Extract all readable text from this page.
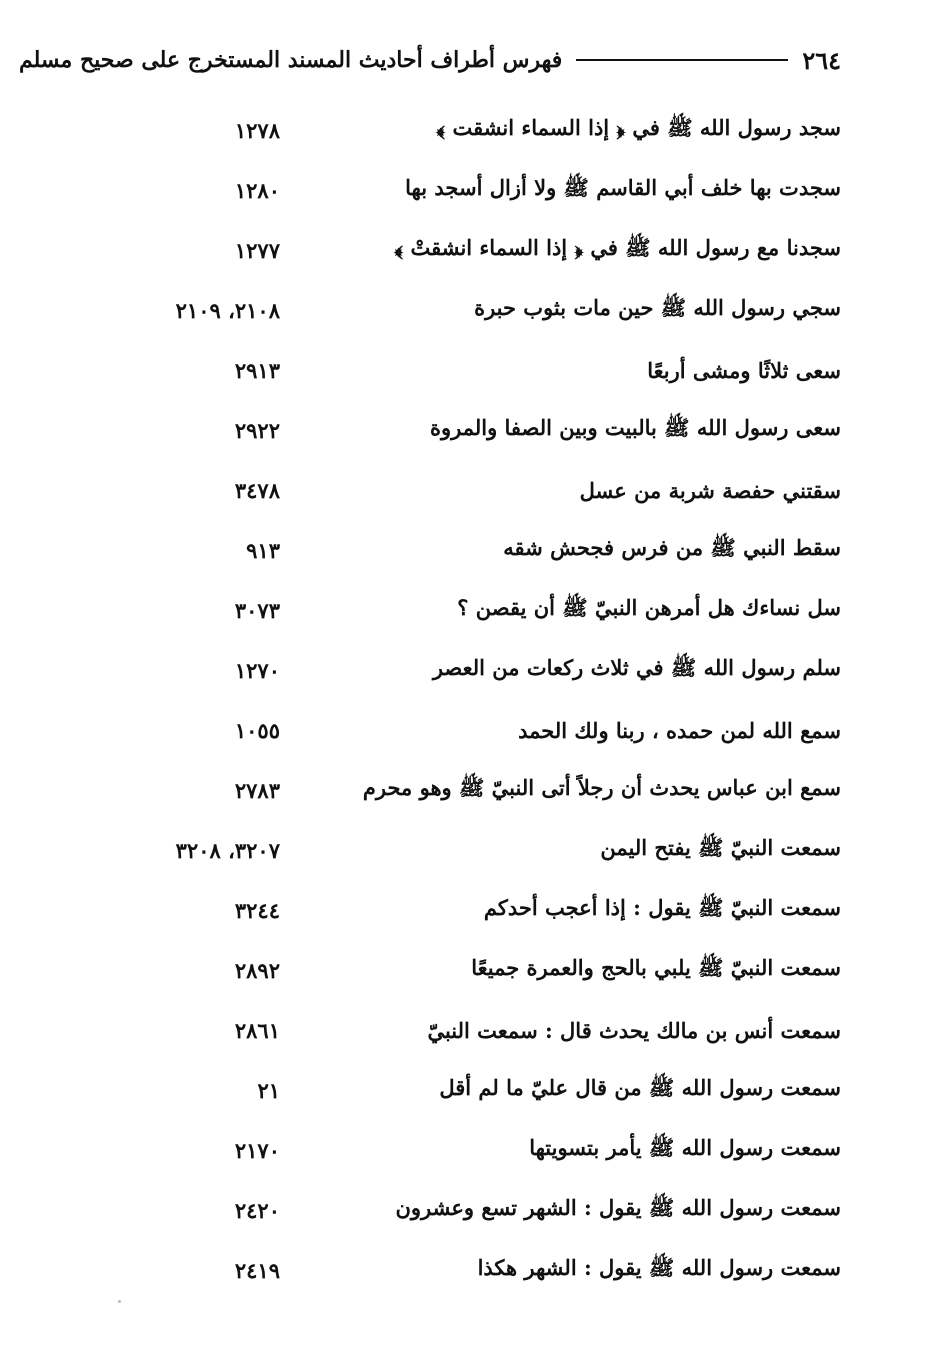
٢٦٤
فهرس أطراف أحاديث المسند المستخرج على صحيح مسلم
سجد رسول الله ﷺ في ﴿ إذا السماء انشقت ﴾
١٢٧٨
سجدت بها خلف أبي القاسم ﷺ ولا أزال أسجد بها
١٢٨٠
سجدنا مع رسول الله ﷺ في ﴿ إذا السماء انشقتْ ﴾
١٢٧٧
سجي رسول الله ﷺ حين مات بثوب حبرة
٢١٠٨، ٢١٠٩
سعى ثلاثًا ومشى أربعًا
٢٩١٣
سعى رسول الله ﷺ بالبيت وبين الصفا والمروة
٢٩٢٢
سقتني حفصة شربة من عسل
٣٤٧٨
سقط النبي ﷺ من فرس فجحش شقه
٩١٣
سل نساءك هل أمرهن النبيّ ﷺ أن يقصن ؟
٣٠٧٣
سلم رسول الله ﷺ في ثلاث ركعات من العصر
١٢٧٠
سمع الله لمن حمده ، ربنا ولك الحمد
١٠٥٥
سمع ابن عباس يحدث أن رجلاً أتى النبيّ ﷺ وهو محرم
٢٧٨٣
سمعت النبيّ ﷺ يفتح اليمن
٣٢٠٧، ٣٢٠٨
سمعت النبيّ ﷺ يقول : إذا أعجب أحدكم
٣٢٤٤
سمعت النبيّ ﷺ يلبي بالحج والعمرة جميعًا
٢٨٩٢
سمعت أنس بن مالك يحدث قال : سمعت النبيّ
٢٨٦١
سمعت رسول الله ﷺ من قال عليّ ما لم أقل
٢١
سمعت رسول الله ﷺ يأمر بتسويتها
٢١٧٠
سمعت رسول الله ﷺ يقول : الشهر تسع وعشرون
٢٤٢٠
سمعت رسول الله ﷺ يقول : الشهر هكذا
٢٤١٩
